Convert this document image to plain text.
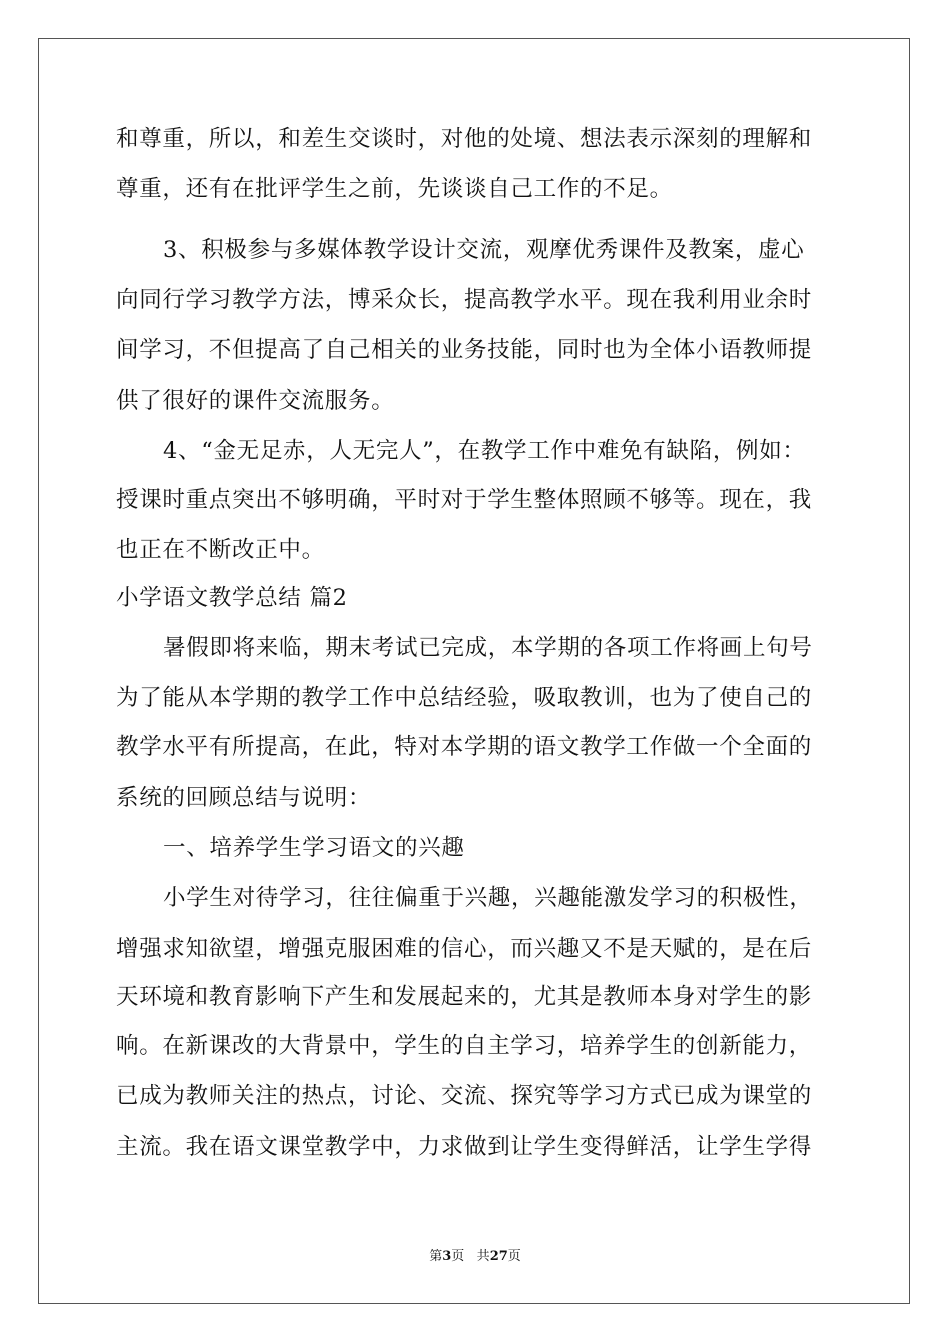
和尊重，所以，和差生交谈时，对他的处境、想法表示深刻的理解和
尊重，还有在批评学生之前，先谈谈自己工作的不足。
3、积极参与多媒体教学设计交流，观摩优秀课件及教案，虚心
向同行学习教学方法，博采众长，提高教学水平。现在我利用业余时
间学习，不但提高了自己相关的业务技能，同时也为全体小语教师提
供了很好的课件交流服务。
4、“金无足赤，人无完人”，在教学工作中难免有缺陷，例如：
授课时重点突出不够明确，平时对于学生整体照顾不够等。现在，我
也正在不断改正中。
小学语文教学总结 篇2
暑假即将来临，期末考试已完成，本学期的各项工作将画上句号
为了能从本学期的教学工作中总结经验，吸取教训，也为了使自己的
教学水平有所提高，在此，特对本学期的语文教学工作做一个全面的
系统的回顾总结与说明：
一、培养学生学习语文的兴趣
小学生对待学习，往往偏重于兴趣，兴趣能激发学习的积极性，
增强求知欲望，增强克服困难的信心，而兴趣又不是天赋的，是在后
天环境和教育影响下产生和发展起来的，尤其是教师本身对学生的影
响。在新课改的大背景中，学生的自主学习，培养学生的创新能力，
已成为教师关注的热点，讨论、交流、探究等学习方式已成为课堂的
主流。我在语文课堂教学中，力求做到让学生变得鲜活，让学生学得
第3页 共27页
